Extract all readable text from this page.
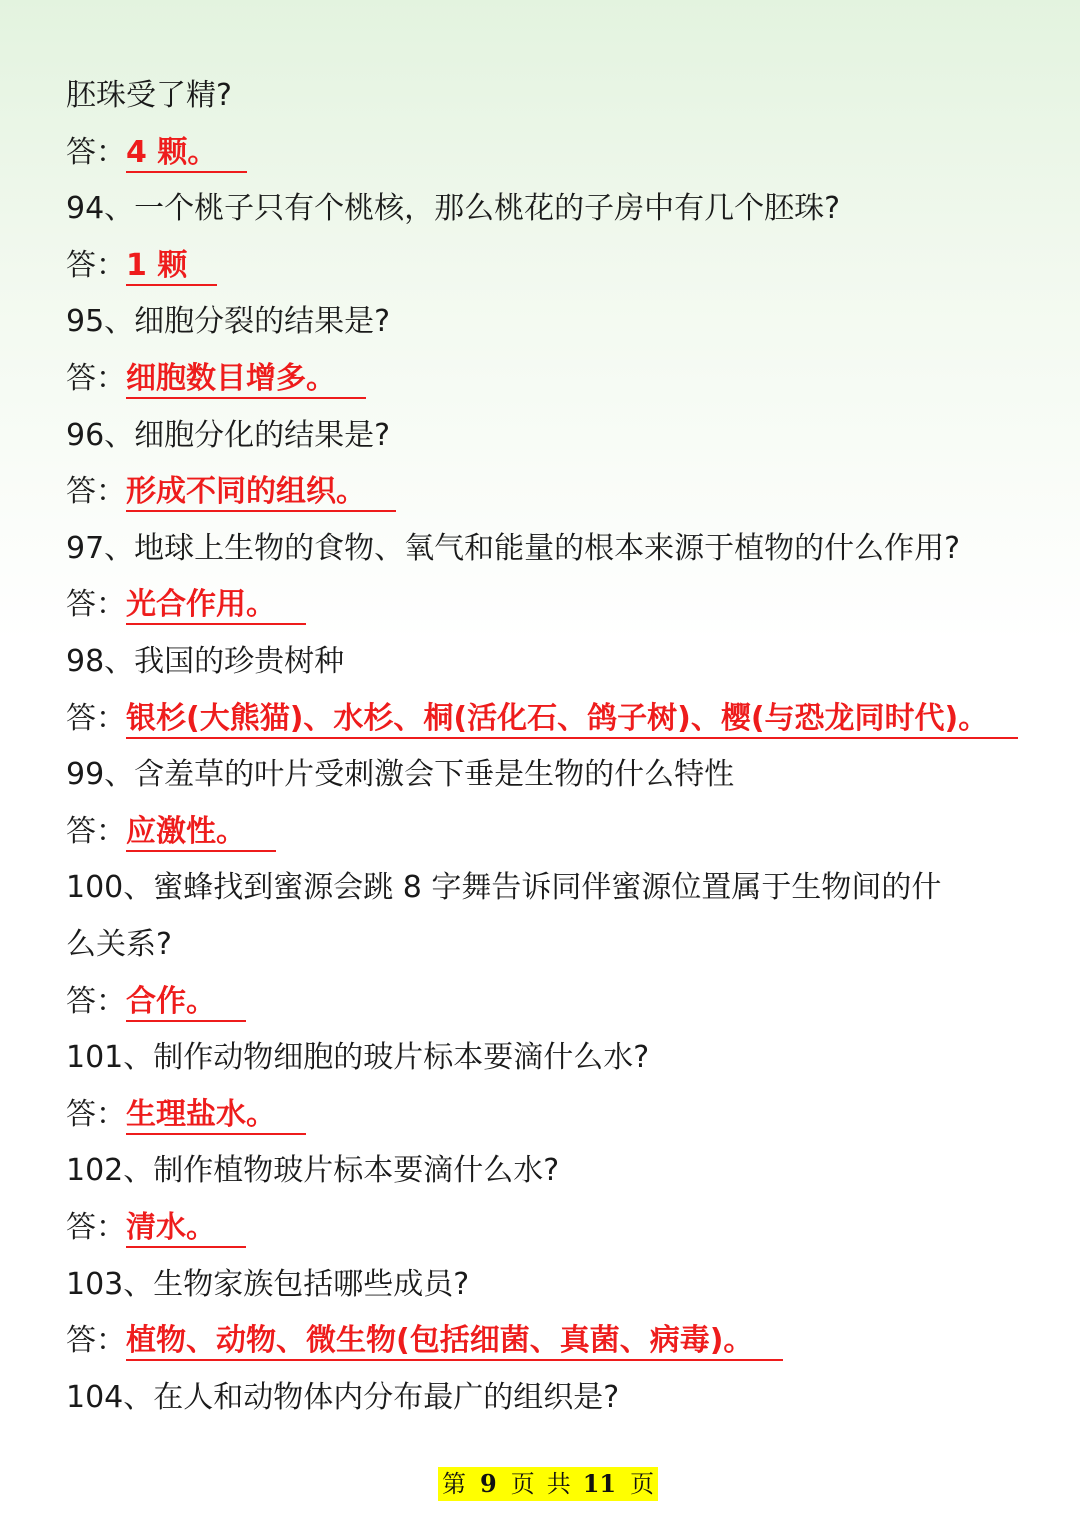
胚珠受了精?
答：4 颗。
94、一个桃子只有个桃核，那么桃花的子房中有几个胚珠?
答：1 颗
95、细胞分裂的结果是?
答：细胞数目增多。
96、细胞分化的结果是?
答：形成不同的组织。
97、地球上生物的食物、氧气和能量的根本来源于植物的什么作用?
答：光合作用。
98、我国的珍贵树种
答：银杉(大熊猫)、水杉、桐(活化石、鸽子树)、樱(与恐龙同时代)。
99、含羞草的叶片受刺激会下垂是生物的什么特性
答：应激性。
100、蜜蜂找到蜜源会跳 8 字舞告诉同伴蜜源位置属于生物间的什
么关系?
答：合作。
101、制作动物细胞的玻片标本要滴什么水?
答：生理盐水。
102、制作植物玻片标本要滴什么水?
答：清水。
103、生物家族包括哪些成员?
答：植物、动物、微生物(包括细菌、真菌、病毒)。
104、在人和动物体内分布最广的组织是?
第 9 页 共 11 页
